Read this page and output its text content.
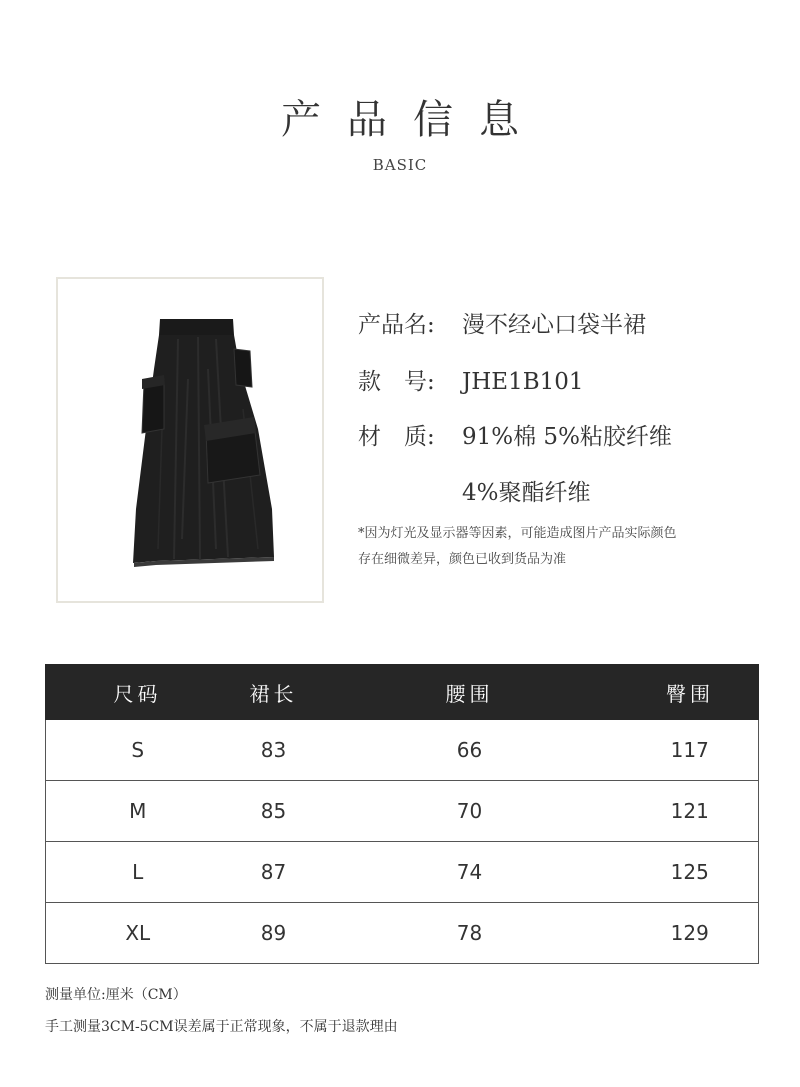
产品信息
BASIC
产品名: 漫不经心口袋半裙
款　号: JHE1B101
材　质: 91%棉 5%粘胶纤维
4%聚酯纤维
*因为灯光及显示器等因素，可能造成图片产品实际颜色
存在细微差异，颜色已收到货品为准
尺码	裙长	腰围	臀围
S	83	66	117
M	85	70	121
L	87	74	125
XL	89	78	129
测量单位:厘米（CM）
手工测量3CM-5CM误差属于正常现象，不属于退款理由
